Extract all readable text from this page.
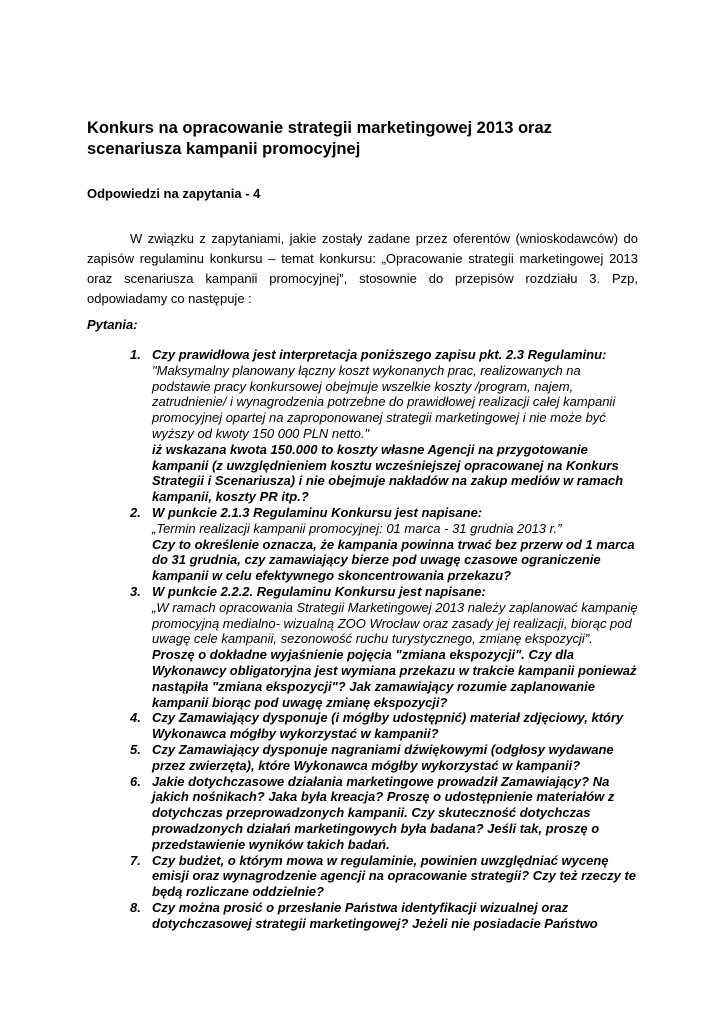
Konkurs na opracowanie strategii marketingowej 2013 oraz scenariusza kampanii promocyjnej

Odpowiedzi na zapytania - 4

W związku z zapytaniami, jakie zostały zadane przez oferentów (wnioskodawców) do zapisów regulaminu konkursu – temat konkursu: „Opracowanie strategii marketingowej 2013 oraz scenariusza kampanii promocyjnej”, stosownie do przepisów rozdziału 3. Pzp, odpowiadamy co następuje :

Pytania:

1. Czy prawidłowa jest interpretacja poniższego zapisu pkt. 2.3 Regulaminu:
"Maksymalny planowany łączny koszt wykonanych prac, realizowanych na podstawie pracy konkursowej obejmuje wszelkie koszty /program, najem, zatrudnienie/ i wynagrodzenia potrzebne do prawidłowej realizacji całej kampanii promocyjnej opartej na zaproponowanej strategii marketingowej i nie może być wyższy od kwoty 150 000 PLN netto."
iż wskazana kwota 150.000 to koszty własne Agencji na przygotowanie kampanii (z uwzględnieniem kosztu wcześniejszej opracowanej na Konkurs Strategii i Scenariusza) i nie obejmuje nakładów na zakup mediów w ramach kampanii, koszty PR itp.?
2. W punkcie 2.1.3 Regulaminu Konkursu jest napisane:
„Termin realizacji kampanii promocyjnej: 01 marca - 31 grudnia 2013 r.”
Czy to określenie oznacza, że kampania powinna trwać bez przerw od 1 marca do 31 grudnia, czy zamawiający bierze pod uwagę czasowe ograniczenie kampanii w celu efektywnego skoncentrowania przekazu?
3. W punkcie 2.2.2. Regulaminu Konkursu jest napisane:
„W ramach opracowania Strategii Marketingowej 2013 należy zaplanować kampanię promocyjną medialno- wizualną ZOO Wrocław oraz zasady jej realizacji, biorąc pod uwagę cele kampanii, sezonowość ruchu turystycznego, zmianę ekspozycji”.
Proszę o dokładne wyjaśnienie pojęcia "zmiana ekspozycji". Czy dla Wykonawcy obligatoryjna jest wymiana przekazu w trakcie kampanii ponieważ nastąpiła "zmiana ekspozycji"? Jak zamawiający rozumie zaplanowanie kampanii biorąc pod uwagę zmianę ekspozycji?
4. Czy Zamawiający dysponuje (i mógłby udostępnić) materiał zdjęciowy, który Wykonawca mógłby wykorzystać w kampanii?
5. Czy Zamawiający dysponuje nagraniami dźwiękowymi (odgłosy wydawane przez zwierzęta), które Wykonawca mógłby wykorzystać w kampanii?
6. Jakie dotychczasowe działania marketingowe prowadził Zamawiający? Na jakich nośnikach? Jaka była kreacja? Proszę o udostępnienie materiałów z dotychczas przeprowadzonych kampanii. Czy skuteczność dotychczas prowadzonych działań marketingowych była badana? Jeśli tak, proszę o przedstawienie wyników takich badań.
7. Czy budżet, o którym mowa w regulaminie, powinien uwzględniać wycenę emisji oraz wynagrodzenie agencji na opracowanie strategii? Czy też rzeczy te będą rozliczane oddzielnie?
8. Czy można prosić o przesłanie Państwa identyfikacji wizualnej oraz dotychczasowej strategii marketingowej? Jeżeli nie posiadacie Państwo
